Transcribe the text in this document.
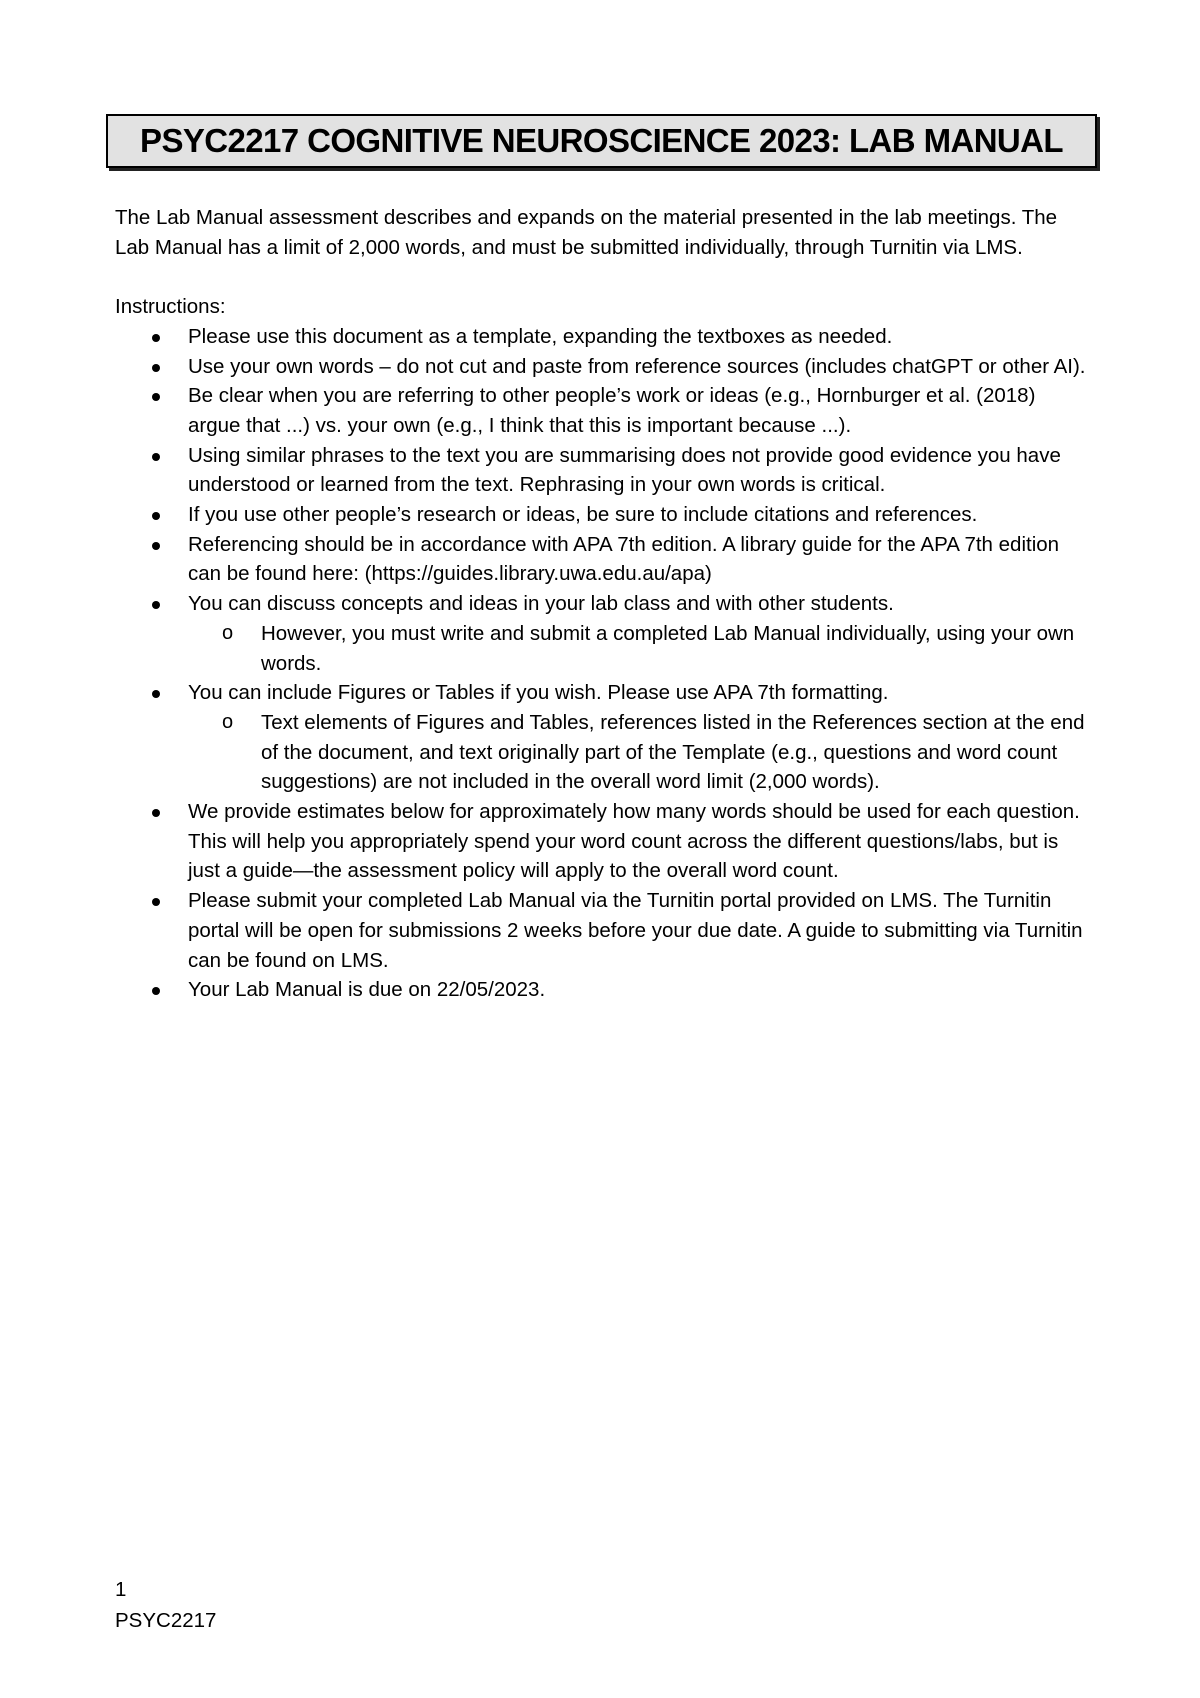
PSYC2217 COGNITIVE NEUROSCIENCE 2023: LAB MANUAL

The Lab Manual assessment describes and expands on the material presented in the lab meetings. The Lab Manual has a limit of 2,000 words, and must be submitted individually, through Turnitin via LMS.

Instructions:

Please use this document as a template, expanding the textboxes as needed.
Use your own words – do not cut and paste from reference sources (includes chatGPT or other AI).
Be clear when you are referring to other people’s work or ideas (e.g., Hornburger et al. (2018) argue that ...) vs. your own (e.g., I think that this is important because ...).
Using similar phrases to the text you are summarising does not provide good evidence you have understood or learned from the text. Rephrasing in your own words is critical.
If you use other people’s research or ideas, be sure to include citations and references.
Referencing should be in accordance with APA 7th edition. A library guide for the APA 7th edition can be found here: (https://guides.library.uwa.edu.au/apa)
You can discuss concepts and ideas in your lab class and with other students.
o However, you must write and submit a completed Lab Manual individually, using your own words.
You can include Figures or Tables if you wish. Please use APA 7th formatting.
o Text elements of Figures and Tables, references listed in the References section at the end of the document, and text originally part of the Template (e.g., questions and word count suggestions) are not included in the overall word limit (2,000 words).
We provide estimates below for approximately how many words should be used for each question. This will help you appropriately spend your word count across the different questions/labs, but is just a guide—the assessment policy will apply to the overall word count.
Please submit your completed Lab Manual via the Turnitin portal provided on LMS. The Turnitin portal will be open for submissions 2 weeks before your due date. A guide to submitting via Turnitin can be found on LMS.
Your Lab Manual is due on 22/05/2023.
1
PSYC2217
